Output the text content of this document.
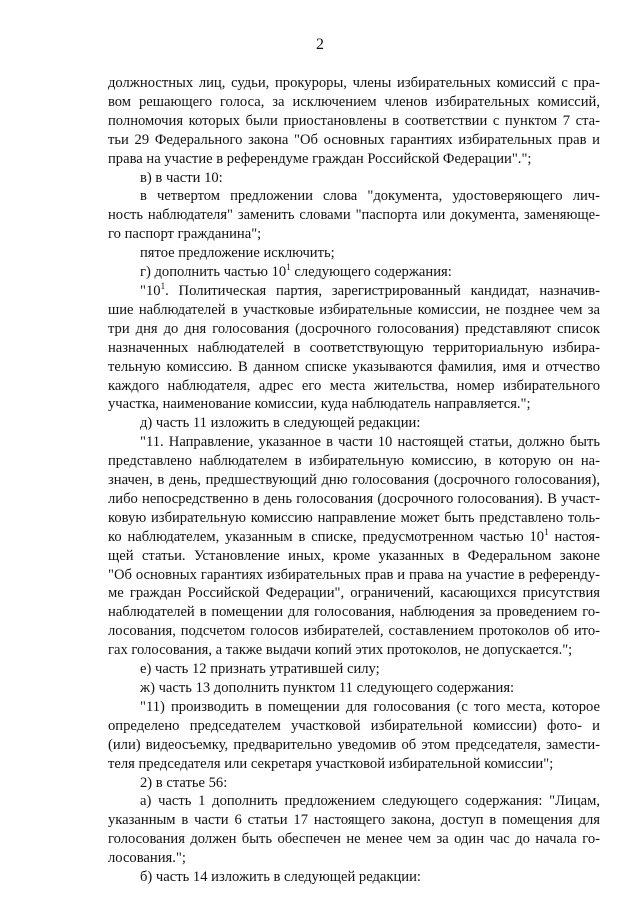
2
должностных лиц, судьи, прокуроры, члены избирательных комиссий с пра-
вом решающего голоса, за исключением членов избирательных комиссий,
полномочия которых были приостановлены в соответствии с пунктом 7 ста-
тьи 29 Федерального закона "Об основных гарантиях избирательных прав и
права на участие в референдуме граждан Российской Федерации".";
в) в части 10:
в четвертом предложении слова "документа, удостоверяющего лич-
ность наблюдателя" заменить словами "паспорта или документа, заменяюще-
го паспорт гражданина";
пятое предложение исключить;
г) дополнить частью $10^1$ следующего содержания:
"$10^1$. Политическая партия, зарегистрированный кандидат, назначив-
шие наблюдателей в участковые избирательные комиссии, не позднее чем за
три дня до дня голосования (досрочного голосования) представляют список
назначенных наблюдателей в соответствующую территориальную избира-
тельную комиссию. В данном списке указываются фамилия, имя и отчество
каждого наблюдателя, адрес его места жительства, номер избирательного
участка, наименование комиссии, куда наблюдатель направляется.";
д) часть 11 изложить в следующей редакции:
"11. Направление, указанное в части 10 настоящей статьи, должно быть
представлено наблюдателем в избирательную комиссию, в которую он на-
значен, в день, предшествующий дню голосования (досрочного голосования),
либо непосредственно в день голосования (досрочного голосования). В участ-
ковую избирательную комиссию направление может быть представлено толь-
ко наблюдателем, указанным в списке, предусмотренном частью $10^1$ настоя-
щей статьи. Установление иных, кроме указанных в Федеральном законе
"Об основных гарантиях избирательных прав и права на участие в референду-
ме граждан Российской Федерации", ограничений, касающихся присутствия
наблюдателей в помещении для голосования, наблюдения за проведением го-
лосования, подсчетом голосов избирателей, составлением протоколов об ито-
гах голосования, а также выдачи копий этих протоколов, не допускается.";
е) часть 12 признать утратившей силу;
ж) часть 13 дополнить пунктом 11 следующего содержания:
"11) производить в помещении для голосования (с того места, которое
определено председателем участковой избирательной комиссии) фото- и
(или) видеосъемку, предварительно уведомив об этом председателя, замести-
теля председателя или секретаря участковой избирательной комиссии";
2) в статье 56:
а) часть 1 дополнить предложением следующего содержания: "Лицам,
указанным в части 6 статьи 17 настоящего закона, доступ в помещения для
голосования должен быть обеспечен не менее чем за один час до начала го-
лосования.";
б) часть 14 изложить в следующей редакции:
